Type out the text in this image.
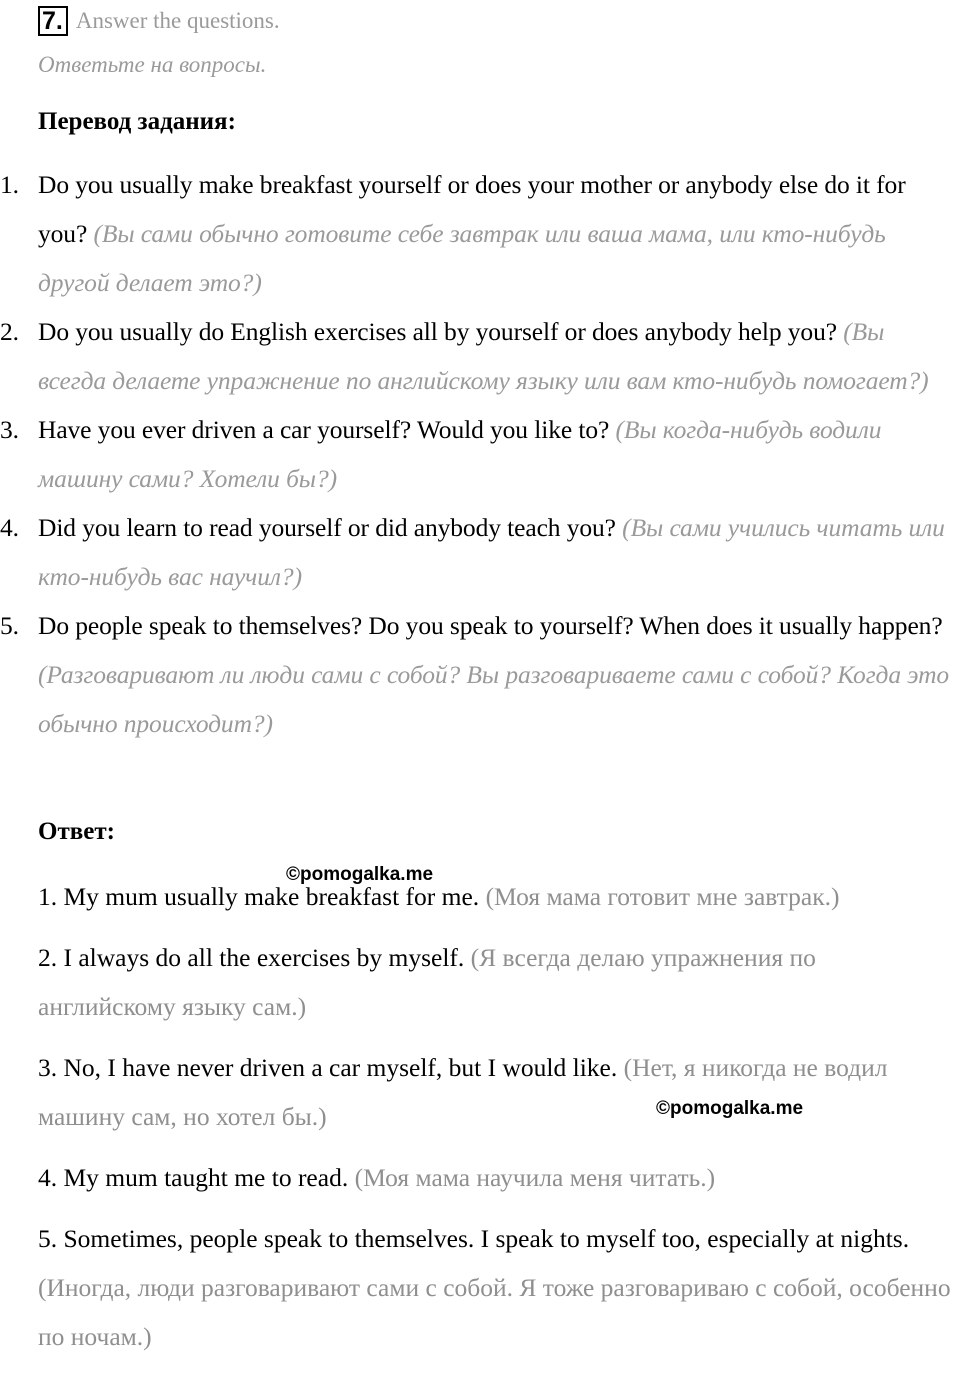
7. Answer the questions.
Ответьте на вопросы.
Перевод задания:
1. Do you usually make breakfast yourself or does your mother or anybody else do it for you? (Вы сами обычно готовите себе завтрак или ваша мама, или кто-нибудь другой делает это?)
2. Do you usually do English exercises all by yourself or does anybody help you? (Вы всегда делаете упражнение по английскому языку или вам кто-нибудь помогает?)
3. Have you ever driven a car yourself? Would you like to? (Вы когда-нибудь водили машину сами? Хотели бы?)
4. Did you learn to read yourself or did anybody teach you? (Вы сами учились читать или кто-нибудь вас научил?)
5. Do people speak to themselves? Do you speak to yourself? When does it usually happen? (Разговаривают ли люди сами с собой? Вы разговариваете сами с собой? Когда это обычно происходит?)
Ответ:
1. My mum usually make breakfast for me. (Моя мама готовит мне завтрак.)
2. I always do all the exercises by myself. (Я всегда делаю упражнения по английскому языку сам.)
3. No, I have never driven a car myself, but I would like. (Нет, я никогда не водил машину сам, но хотел бы.)
4. My mum taught me to read. (Моя мама научила меня читать.)
5. Sometimes, people speak to themselves. I speak to myself too, especially at nights. (Иногда, люди разговаривают сами с собой. Я тоже разговариваю с собой, особенно по ночам.)
©pomogalka.me
©pomogalka.me
